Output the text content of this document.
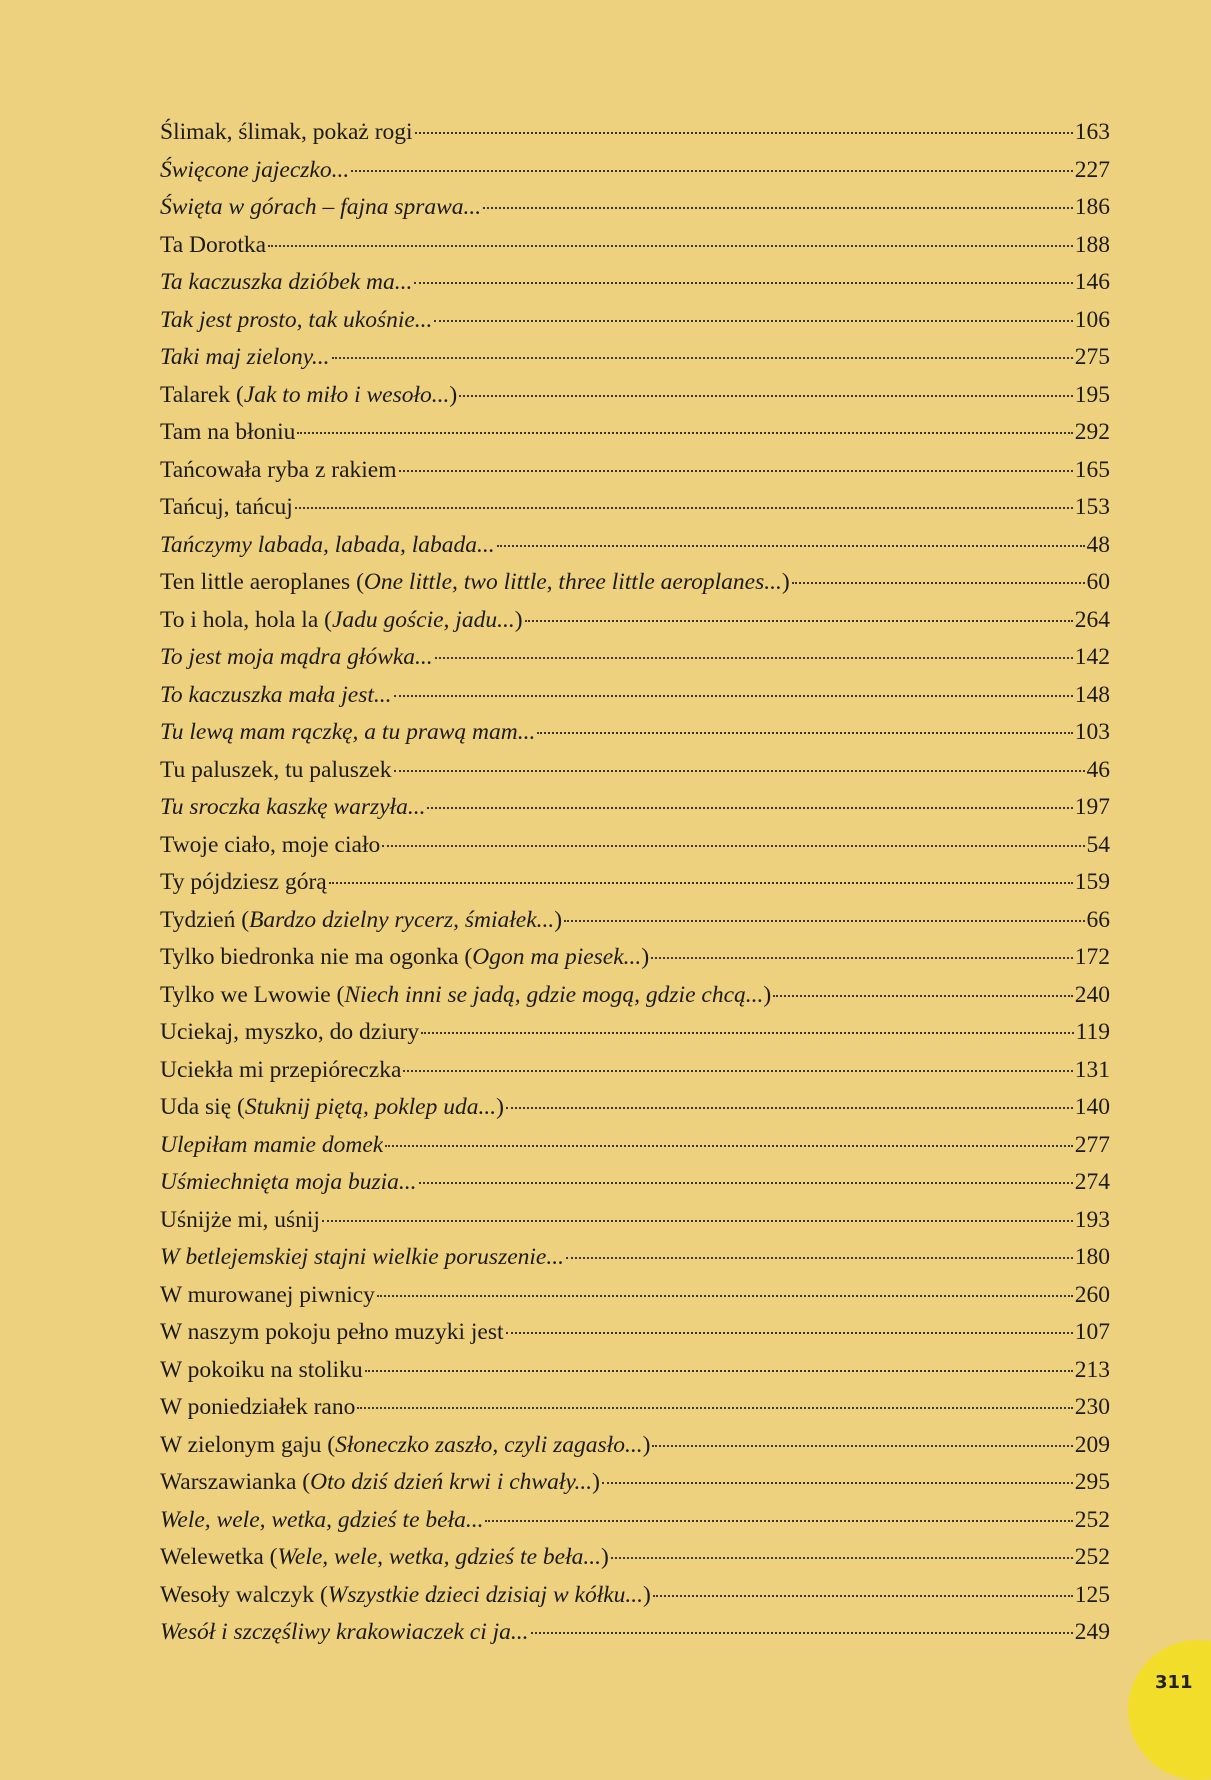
Ślimak, ślimak, pokaż rogi	163
Święcone jajeczko...	227
Święta w górach – fajna sprawa...	186
Ta Dorotka	188
Ta kaczuszka dzióbek ma...	146
Tak jest prosto, tak ukośnie...	106
Taki maj zielony...	275
Talarek (Jak to miło i wesoło...)	195
Tam na błoniu	292
Tańcowała ryba z rakiem	165
Tańcuj, tańcuj	153
Tańczymy labada, labada, labada...	48
Ten little aeroplanes (One little, two little, three little aeroplanes...)	60
To i hola, hola la (Jadu goście, jadu...)	264
To jest moja mądra główka...	142
To kaczuszka mała jest...	148
Tu lewą mam rączkę, a tu prawą mam...	103
Tu paluszek, tu paluszek	46
Tu sroczka kaszkę warzyła...	197
Twoje ciało, moje ciało	54
Ty pójdziesz górą	159
Tydzień (Bardzo dzielny rycerz, śmiałek...)	66
Tylko biedronka nie ma ogonka (Ogon ma piesek...)	172
Tylko we Lwowie (Niech inni se jadą, gdzie mogą, gdzie chcą...)	240
Uciekaj, myszko, do dziury	119
Uciekła mi przepióreczka	131
Uda się (Stuknij piętą, poklep uda...)	140
Ulepiłam mamie domek	277
Uśmiechnięta moja buzia...	274
Uśnijże mi, uśnij	193
W betlejemskiej stajni wielkie poruszenie...	180
W murowanej piwnicy	260
W naszym pokoju pełno muzyki jest	107
W pokoiku na stoliku	213
W poniedziałek rano	230
W zielonym gaju (Słoneczko zaszło, czyli zagasło...)	209
Warszawianka (Oto dziś dzień krwi i chwały...)	295
Wele, wele, wetka, gdzieś te beła...	252
Welewetka (Wele, wele, wetka, gdzieś te beła...)	252
Wesoły walczyk (Wszystkie dzieci dzisiaj w kółku...)	125
Wesół i szczęśliwy krakowiaczek ci ja...	249
311
